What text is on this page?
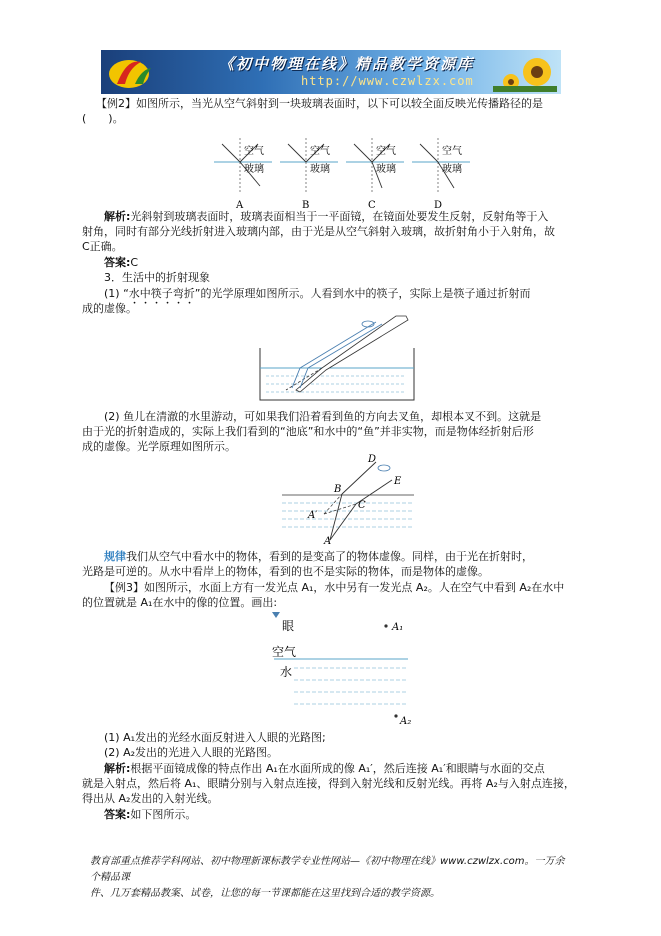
《初中物理在线》精品教学资源库
http://www.czwlzx.com
【例2】如图所示，当光从空气斜射到一块玻璃表面时，以下可以较全面反映光传播路径的是
(　　)。
空气
玻璃
A
空气
玻璃
B
空气
玻璃
C
空气
玻璃
D
解析:光斜射到玻璃表面时，玻璃表面相当于一平面镜，在镜面处要发生反射，反射角等于入
射角，同时有部分光线折射进入玻璃内部，由于光是从空气斜射入玻璃，故折射角小于入射角，故
C正确。
答案:C
3．生活中的折射现象
(1) “水中筷子弯折”的光学原理如图所示。人看到水中的筷子，实际上是筷子通过折射而
成的虚像。
(2) 鱼儿在清澈的水里游动，可如果我们沿着看到鱼的方向去叉鱼，却根本叉不到。这就是
由于光的折射造成的，实际上我们看到的“池底”和水中的“鱼”并非实物，而是物体经折射后形
成的虚像。光学原理如图所示。
D
E
B
C
A′
A
规律我们从空气中看水中的物体，看到的是变高了的物体虚像。同样，由于光在折射时，
光路是可逆的。从水中看岸上的物体，看到的也不是实际的物体，而是物体的虚像。
【例3】如图所示，水面上方有一发光点 A₁，水中另有一发光点 A₂。人在空气中看到 A₂在水中
的位置就是 A₁在水中的像的位置。画出:
眼	A₁
空气
水
A₂
(1) A₁发出的光经水面反射进入人眼的光路图;
(2) A₂发出的光进入人眼的光路图。
解析:根据平面镜成像的特点作出 A₁在水面所成的像 A₁′，然后连接 A₁′和眼睛与水面的交点
就是入射点，然后将 A₁、眼睛分别与入射点连接，得到入射光线和反射光线。再将 A₂与入射点连接，
得出从 A₂发出的入射光线。
答案:如下图所示。
教育部重点推荐学科网站、初中物理新课标教学专业性网站—《初中物理在线》www.czwlzx.com。一万余个精品课
件、几万套精品教案、试卷，让您的每一节课都能在这里找到合适的教学资源。
